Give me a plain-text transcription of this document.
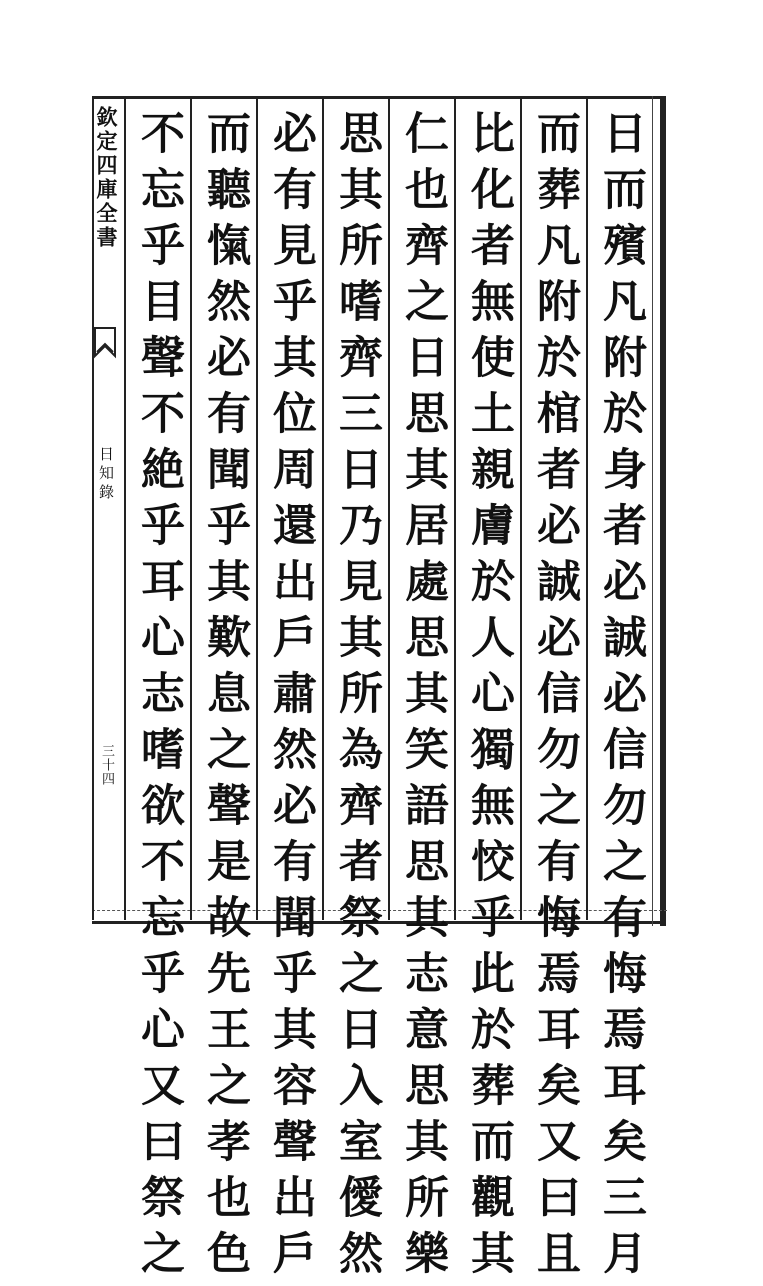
欽定四庫全書
日知錄
三十四	日而殯凡附於身者必誠必信勿之有悔焉耳矣三月
而葬凡附於棺者必誠必信勿之有悔焉耳矣又曰且
比化者無使土親膚於人心獨無恔乎此於葬而觀其
仁也齊之日思其居處思其笑語思其志意思其所樂
思其所嗜齊三日乃見其所為齊者祭之日入室僾然
必有見乎其位周還出戶肅然必有聞乎其容聲出戶
而聽愾然必有聞乎其歎息之聲是故先王之孝也色
不忘乎目聲不絶乎耳心志嗜欲不忘乎心又曰祭之
